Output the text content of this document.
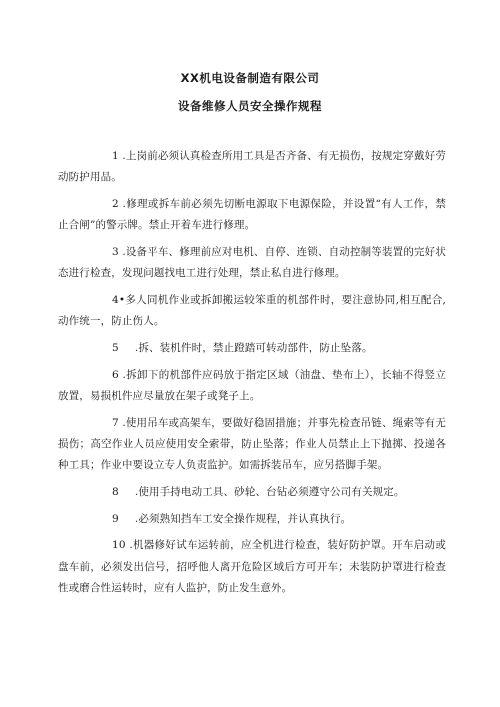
XX机电设备制造有限公司
设备维修人员安全操作规程

1 .上岗前必须认真检查所用工具是否齐备、有无损伤，按规定穿戴好劳动防护用品。

2 .修理或拆车前必须先切断电源取下电源保险，并设置“有人工作，禁止合闸”的警示牌。禁止开着车进行修理。

3 .设备平车、修理前应对电机、自停、连锁、自动控制等装置的完好状态进行检查，发现问题找电工进行处理，禁止私自进行修理。

4•多人同机作业或拆卸搬运较笨重的机部件时，要注意协同,相互配合,动作统一，防止伤人。

5 .拆、装机件时，禁止蹬踏可转动部件，防止坠落。

6 .拆卸下的机部件应码放于指定区域（油盘、垫布上），长轴不得竖立放置，易损机件应尽量放在架子或凳子上。

7 .使用吊车或高架车，要做好稳固措施；并事先检查吊链、绳索等有无损伤；高空作业人员应使用安全索带，防止坠落；作业人员禁止上下抛掷、投递各种工具；作业中要设立专人负责监护。如需拆装吊车，应另搭脚手架。

8 .使用手持电动工具、砂轮、台钻必须遵守公司有关规定。

9 .必须熟知挡车工安全操作规程，并认真执行。

10 .机器修好试车运转前，应全机进行检查，装好防护罩。开车启动或盘车前，必须发出信号，招呼他人离开危险区域后方可开车；未装防护罩进行检查性或磨合性运转时，应有人监护，防止发生意外。
